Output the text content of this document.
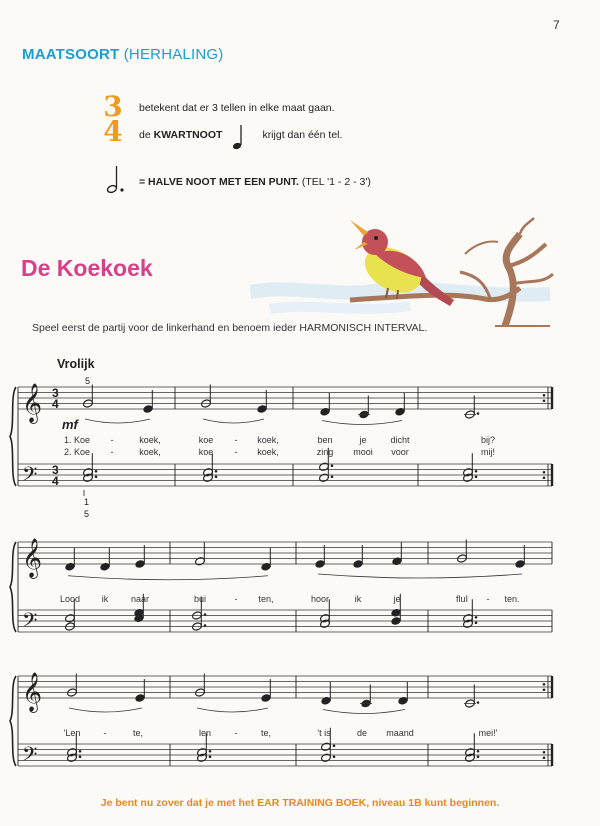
7
MAATSOORT (HERHALING)
3
4
betekent dat er 3 tellen in elke maat gaan.
de KWARTNOOT	krijgt dan één tel.
= HALVE NOOT MET EEN PUNT. (TEL '1 - 2 - 3')
De Koekoek
Speel eerst de partij voor de linkerhand en benoem ieder HARMONISCH INTERVAL.
Vrolijk
𝄞
𝄢
3
4
3
4
5
mf
1. Koe -	koek,	koe - koek,	ben	je	dicht	bij?
2. Koe -	koek,	koe - koek,	zing mooi voor	mij!
1
5
𝄞
𝄢
Lood ik	naar	bui	- ten,	hoor	ik	je	fluI - ten.
𝄞
𝄢
'Len	-	te,	len	-	te,	't is	de maand	mei!'
Je bent nu zover dat je met het EAR TRAINING BOEK, niveau 1B kunt beginnen.
